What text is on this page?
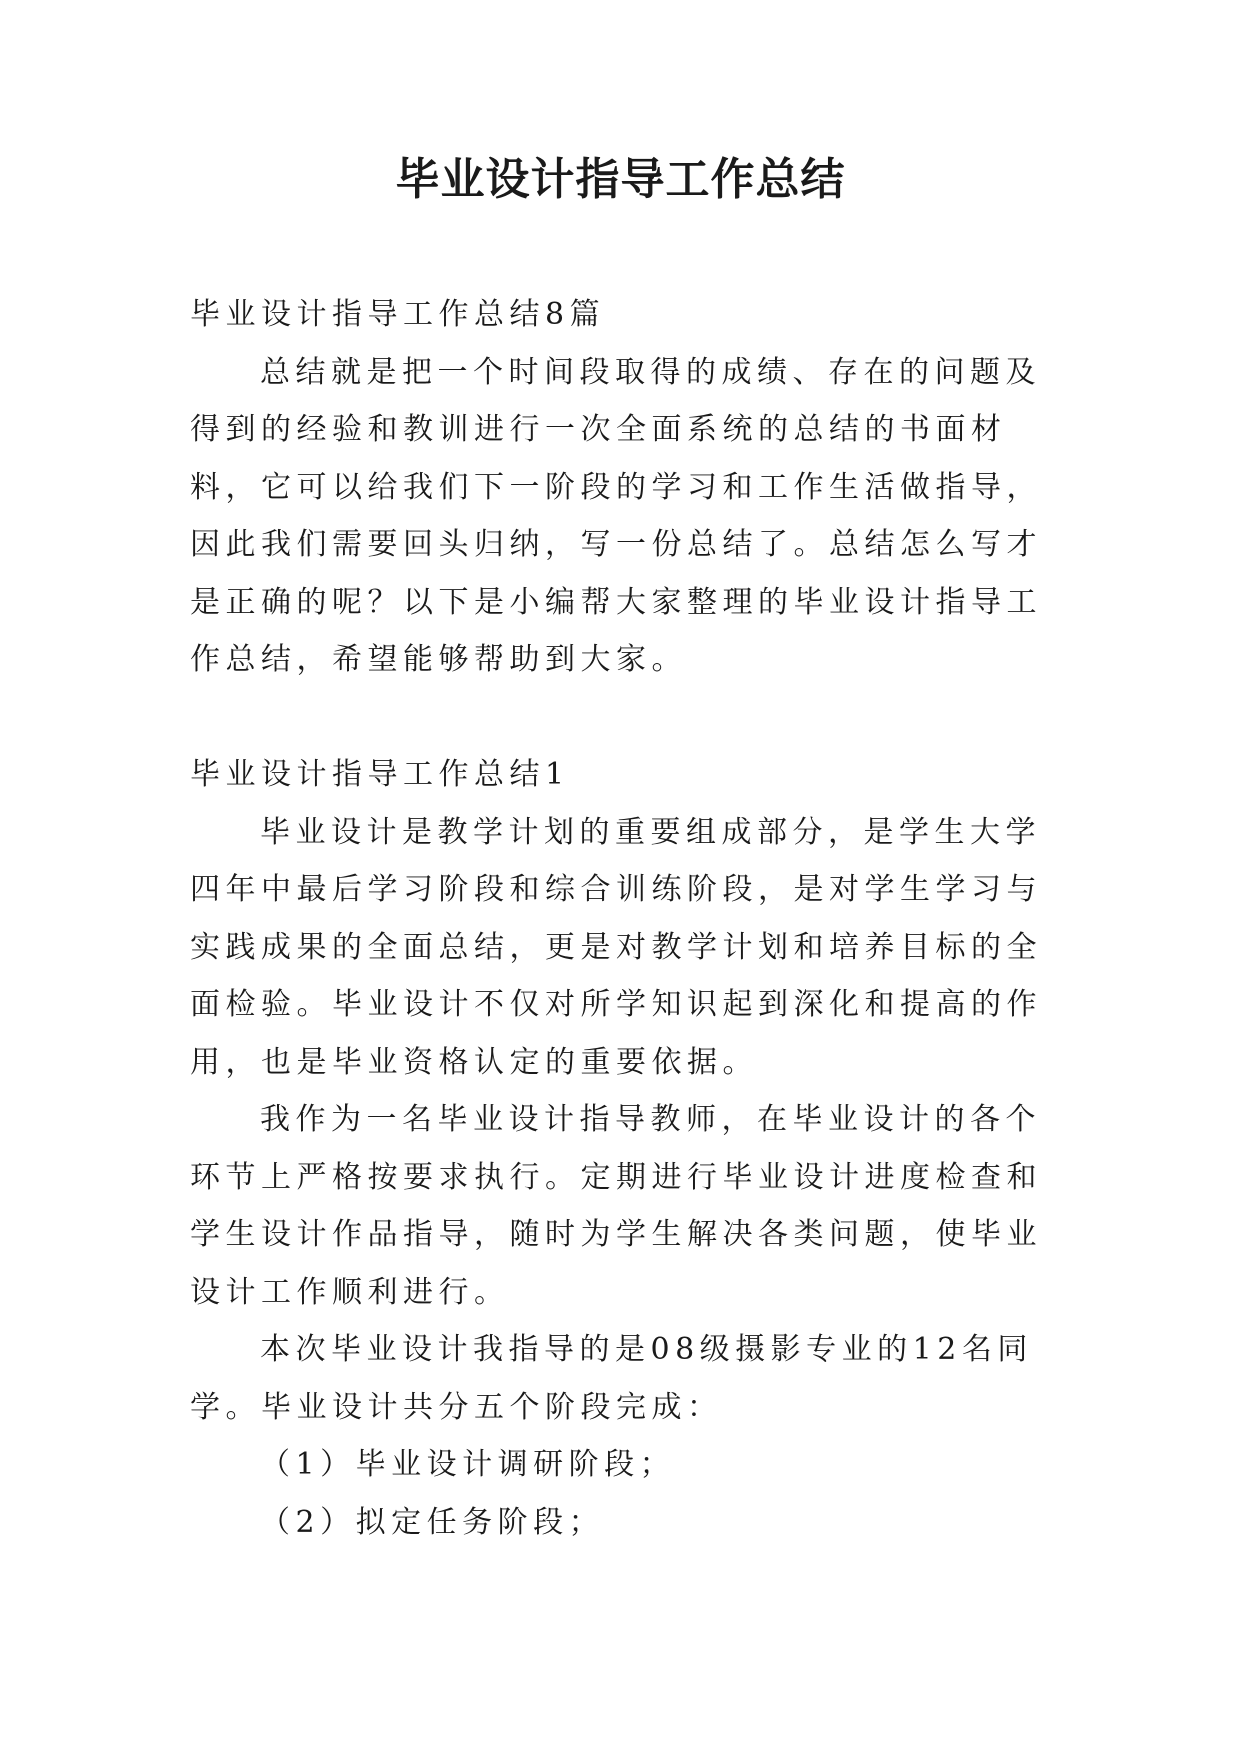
毕业设计指导工作总结

毕业设计指导工作总结8篇

总结就是把一个时间段取得的成绩、存在的问题及得到的经验和教训进行一次全面系统的总结的书面材料，它可以给我们下一阶段的学习和工作生活做指导，因此我们需要回头归纳，写一份总结了。总结怎么写才是正确的呢？以下是小编帮大家整理的毕业设计指导工作总结，希望能够帮助到大家。

毕业设计指导工作总结1

毕业设计是教学计划的重要组成部分，是学生大学四年中最后学习阶段和综合训练阶段，是对学生学习与实践成果的全面总结，更是对教学计划和培养目标的全面检验。毕业设计不仅对所学知识起到深化和提高的作用，也是毕业资格认定的重要依据。

我作为一名毕业设计指导教师，在毕业设计的各个环节上严格按要求执行。定期进行毕业设计进度检查和学生设计作品指导，随时为学生解决各类问题，使毕业设计工作顺利进行。

本次毕业设计我指导的是08级摄影专业的12名同学。毕业设计共分五个阶段完成：

（1）毕业设计调研阶段；

（2）拟定任务阶段；
